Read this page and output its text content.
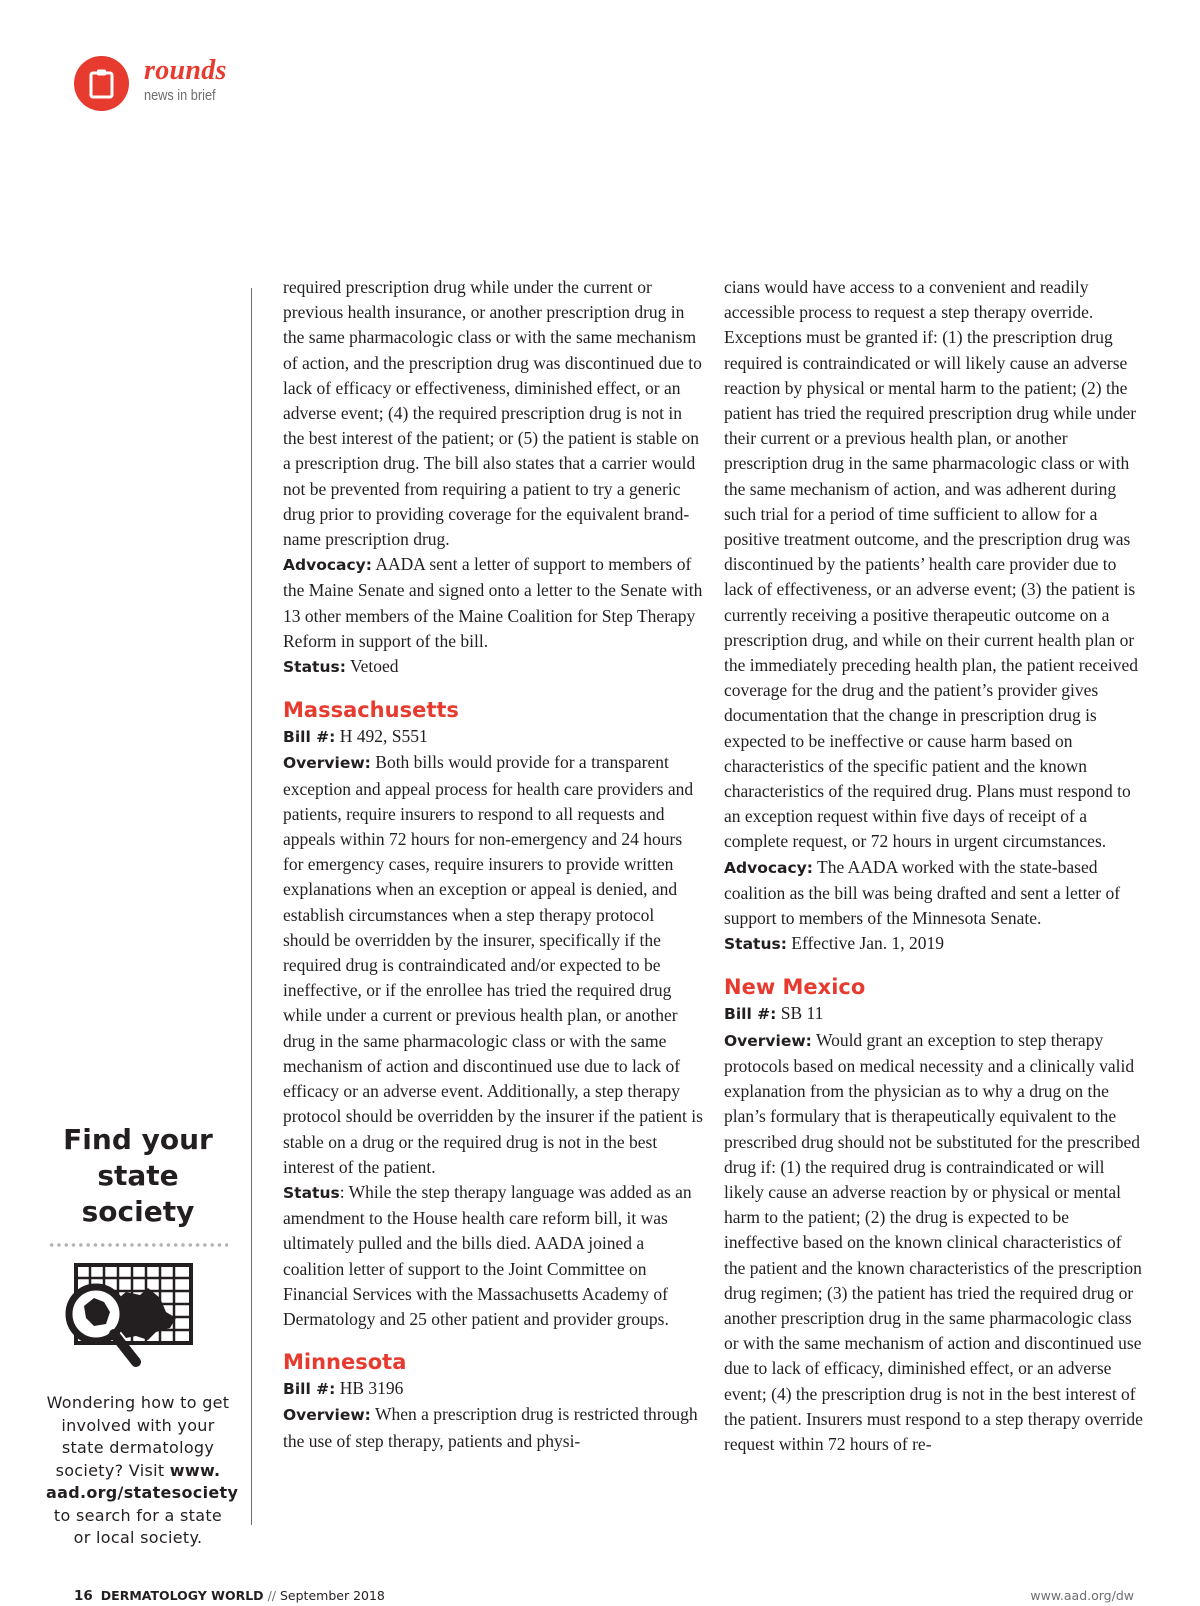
rounds
news in brief
Find your
state society
Wondering how to get involved with your state dermatology society? Visit www. aad.org/statesociety to search for a state or local society.

required prescription drug while under the current or previous health insurance, or another prescription drug in the same pharmacologic class or with the same mechanism of action, and the prescription drug was discontinued due to lack of efficacy or effectiveness, diminished effect, or an adverse event; (4) the required prescription drug is not in the best interest of the patient; or (5) the patient is stable on a prescription drug. The bill also states that a carrier would not be prevented from requiring a patient to try a generic drug prior to providing coverage for the equivalent brand-name prescription drug.

Advocacy: AADA sent a letter of support to members of the Maine Senate and signed onto a letter to the Senate with 13 other members of the Maine Coalition for Step Therapy Reform in support of the bill.

Status: Vetoed

Massachusetts

Bill #: H 492, S551

Overview: Both bills would provide for a transparent exception and appeal process for health care providers and patients, require insurers to respond to all requests and appeals within 72 hours for non-emergency and 24 hours for emergency cases, require insurers to provide written explanations when an exception or appeal is denied, and establish circumstances when a step therapy protocol should be overridden by the insurer, specifically if the required drug is contraindicated and/or expected to be ineffective, or if the enrollee has tried the required drug while under a current or previous health plan, or another drug in the same pharmacologic class or with the same mechanism of action and discontinued use due to lack of efficacy or an adverse event. Additionally, a step therapy protocol should be overridden by the insurer if the patient is stable on a drug or the required drug is not in the best interest of the patient.

Status: While the step therapy language was added as an amendment to the House health care reform bill, it was ultimately pulled and the bills died. AADA joined a coalition letter of support to the Joint Committee on Financial Services with the Massachusetts Academy of Dermatology and 25 other patient and provider groups.

Minnesota

Bill #: HB 3196

Overview: When a prescription drug is restricted through the use of step therapy, patients and physi-

cians would have access to a convenient and readily accessible process to request a step therapy override. Exceptions must be granted if: (1) the prescription drug required is contraindicated or will likely cause an adverse reaction by physical or mental harm to the patient; (2) the patient has tried the required prescription drug while under their current or a previous health plan, or another prescription drug in the same pharmacologic class or with the same mechanism of action, and was adherent during such trial for a period of time sufficient to allow for a positive treatment outcome, and the prescription drug was discontinued by the patients’ health care provider due to lack of effectiveness, or an adverse event; (3) the patient is currently receiving a positive therapeutic outcome on a prescription drug, and while on their current health plan or the immediately preceding health plan, the patient received coverage for the drug and the patient’s provider gives documentation that the change in prescription drug is expected to be ineffective or cause harm based on characteristics of the specific patient and the known characteristics of the required drug. Plans must respond to an exception request within five days of receipt of a complete request, or 72 hours in urgent circumstances.

Advocacy: The AADA worked with the state-based coalition as the bill was being drafted and sent a letter of support to members of the Minnesota Senate.

Status: Effective Jan. 1, 2019

New Mexico

Bill #: SB 11

Overview: Would grant an exception to step therapy protocols based on medical necessity and a clinically valid explanation from the physician as to why a drug on the plan’s formulary that is therapeutically equivalent to the prescribed drug should not be substituted for the prescribed drug if: (1) the required drug is contraindicated or will likely cause an adverse reaction by or physical or mental harm to the patient; (2) the drug is expected to be ineffective based on the known clinical characteristics of the patient and the known characteristics of the prescription drug regimen; (3) the patient has tried the required drug or another prescription drug in the same pharmacologic class or with the same mechanism of action and discontinued use due to lack of efficacy, diminished effect, or an adverse event; (4) the prescription drug is not in the best interest of the patient. Insurers must respond to a step therapy override request within 72 hours of re-

16 DERMATOLOGY WORLD // September 2018	www.aad.org/dw
